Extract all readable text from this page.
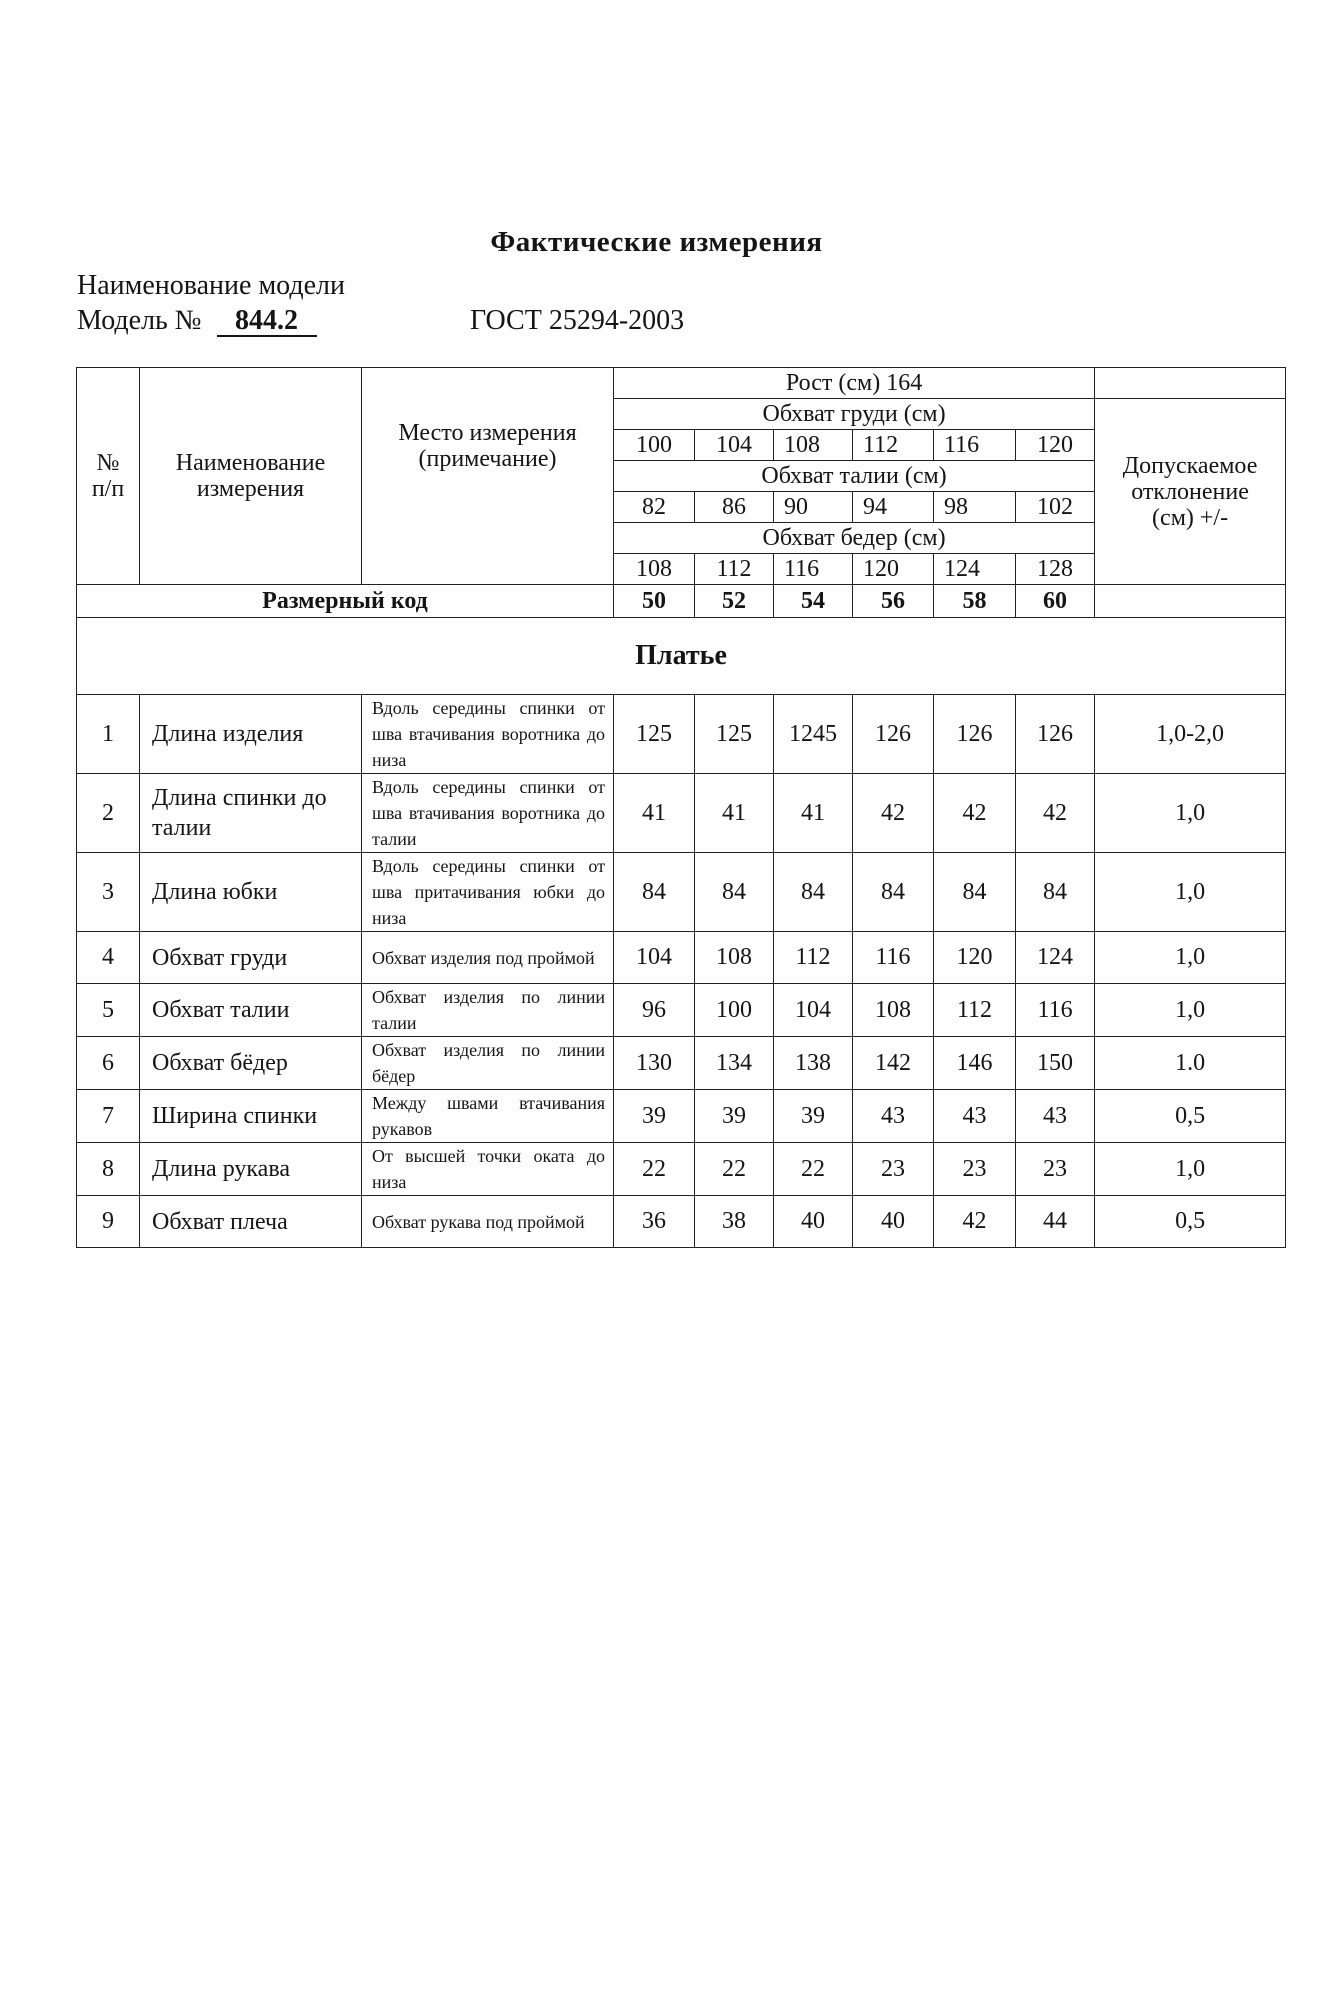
Фактические измерения
Наименование модели
Модель № 844.2	ГОСТ 25294-2003
№ п/п	Наименование измерения	Место измерения (примечание)	Рост (см) 164						
			Обхват груди (см)						Допускаемое отклонение (см) +/-
			100	104	108	112	116	120	
			Обхват талии (см)						
			82	86	90	94	98	102	
			Обхват бедер (см)						
			108	112	116	120	124	128	
Размерный код			50	52	54	56	58	60	
Платье									
1	Длина изделия	Вдоль середины спинки от шва втачивания воротника до низа	125	125	1245	126	126	126	1,0-2,0
2	Длина спинки до талии	Вдоль середины спинки от шва втачивания воротника до талии	41	41	41	42	42	42	1,0
3	Длина юбки	Вдоль середины спинки от шва притачивания юбки до низа	84	84	84	84	84	84	1,0
4	Обхват груди	Обхват изделия под проймой	104	108	112	116	120	124	1,0
5	Обхват талии	Обхват изделия по линии талии	96	100	104	108	112	116	1,0
6	Обхват бёдер	Обхват изделия по линии бёдер	130	134	138	142	146	150	1.0
7	Ширина спинки	Между швами втачивания рукавов	39	39	39	43	43	43	0,5
8	Длина рукава	От высшей точки оката до низа	22	22	22	23	23	23	1,0
9	Обхват плеча	Обхват рукава под проймой	36	38	40	40	42	44	0,5
